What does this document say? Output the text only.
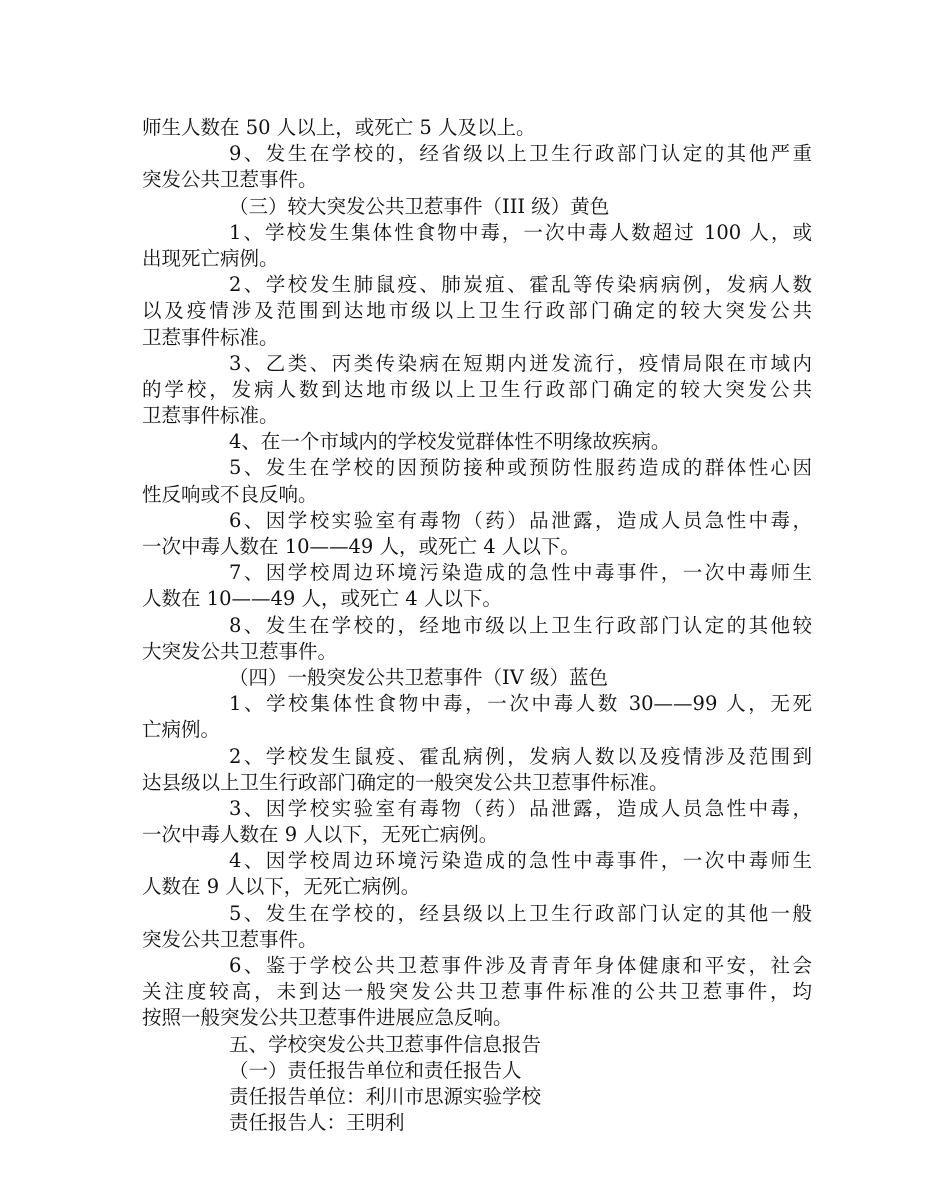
师生人数在 50 人以上，或死亡 5 人及以上。
9、发生在学校的，经省级以上卫生行政部门认定的其他严重
突发公共卫惹事件。
（三）较大突发公共卫惹事件（III 级）黄色
1、学校发生集体性食物中毒，一次中毒人数超过 100 人，或
出现死亡病例。
2、学校发生肺鼠疫、肺炭疽、霍乱等传染病病例，发病人数
以及疫情涉及范围到达地市级以上卫生行政部门确定的较大突发公共
卫惹事件标准。
3、乙类、丙类传染病在短期内迸发流行，疫情局限在市域内
的学校，发病人数到达地市级以上卫生行政部门确定的较大突发公共
卫惹事件标准。
4、在一个市域内的学校发觉群体性不明缘故疾病。
5、发生在学校的因预防接种或预防性服药造成的群体性心因
性反响或不良反响。
6、因学校实验室有毒物（药）品泄露，造成人员急性中毒，
一次中毒人数在 10——49 人，或死亡 4 人以下。
7、因学校周边环境污染造成的急性中毒事件，一次中毒师生
人数在 10——49 人，或死亡 4 人以下。
8、发生在学校的，经地市级以上卫生行政部门认定的其他较
大突发公共卫惹事件。
（四）一般突发公共卫惹事件（IV 级）蓝色
1、学校集体性食物中毒，一次中毒人数 30——99 人，无死
亡病例。
2、学校发生鼠疫、霍乱病例，发病人数以及疫情涉及范围到
达县级以上卫生行政部门确定的一般突发公共卫惹事件标准。
3、因学校实验室有毒物（药）品泄露，造成人员急性中毒，
一次中毒人数在 9 人以下，无死亡病例。
4、因学校周边环境污染造成的急性中毒事件，一次中毒师生
人数在 9 人以下，无死亡病例。
5、发生在学校的，经县级以上卫生行政部门认定的其他一般
突发公共卫惹事件。
6、鉴于学校公共卫惹事件涉及青青年身体健康和平安，社会
关注度较高，未到达一般突发公共卫惹事件标准的公共卫惹事件，均
按照一般突发公共卫惹事件进展应急反响。
五、学校突发公共卫惹事件信息报告
（一）责任报告单位和责任报告人
责任报告单位：利川市思源实验学校
责任报告人：王明利
